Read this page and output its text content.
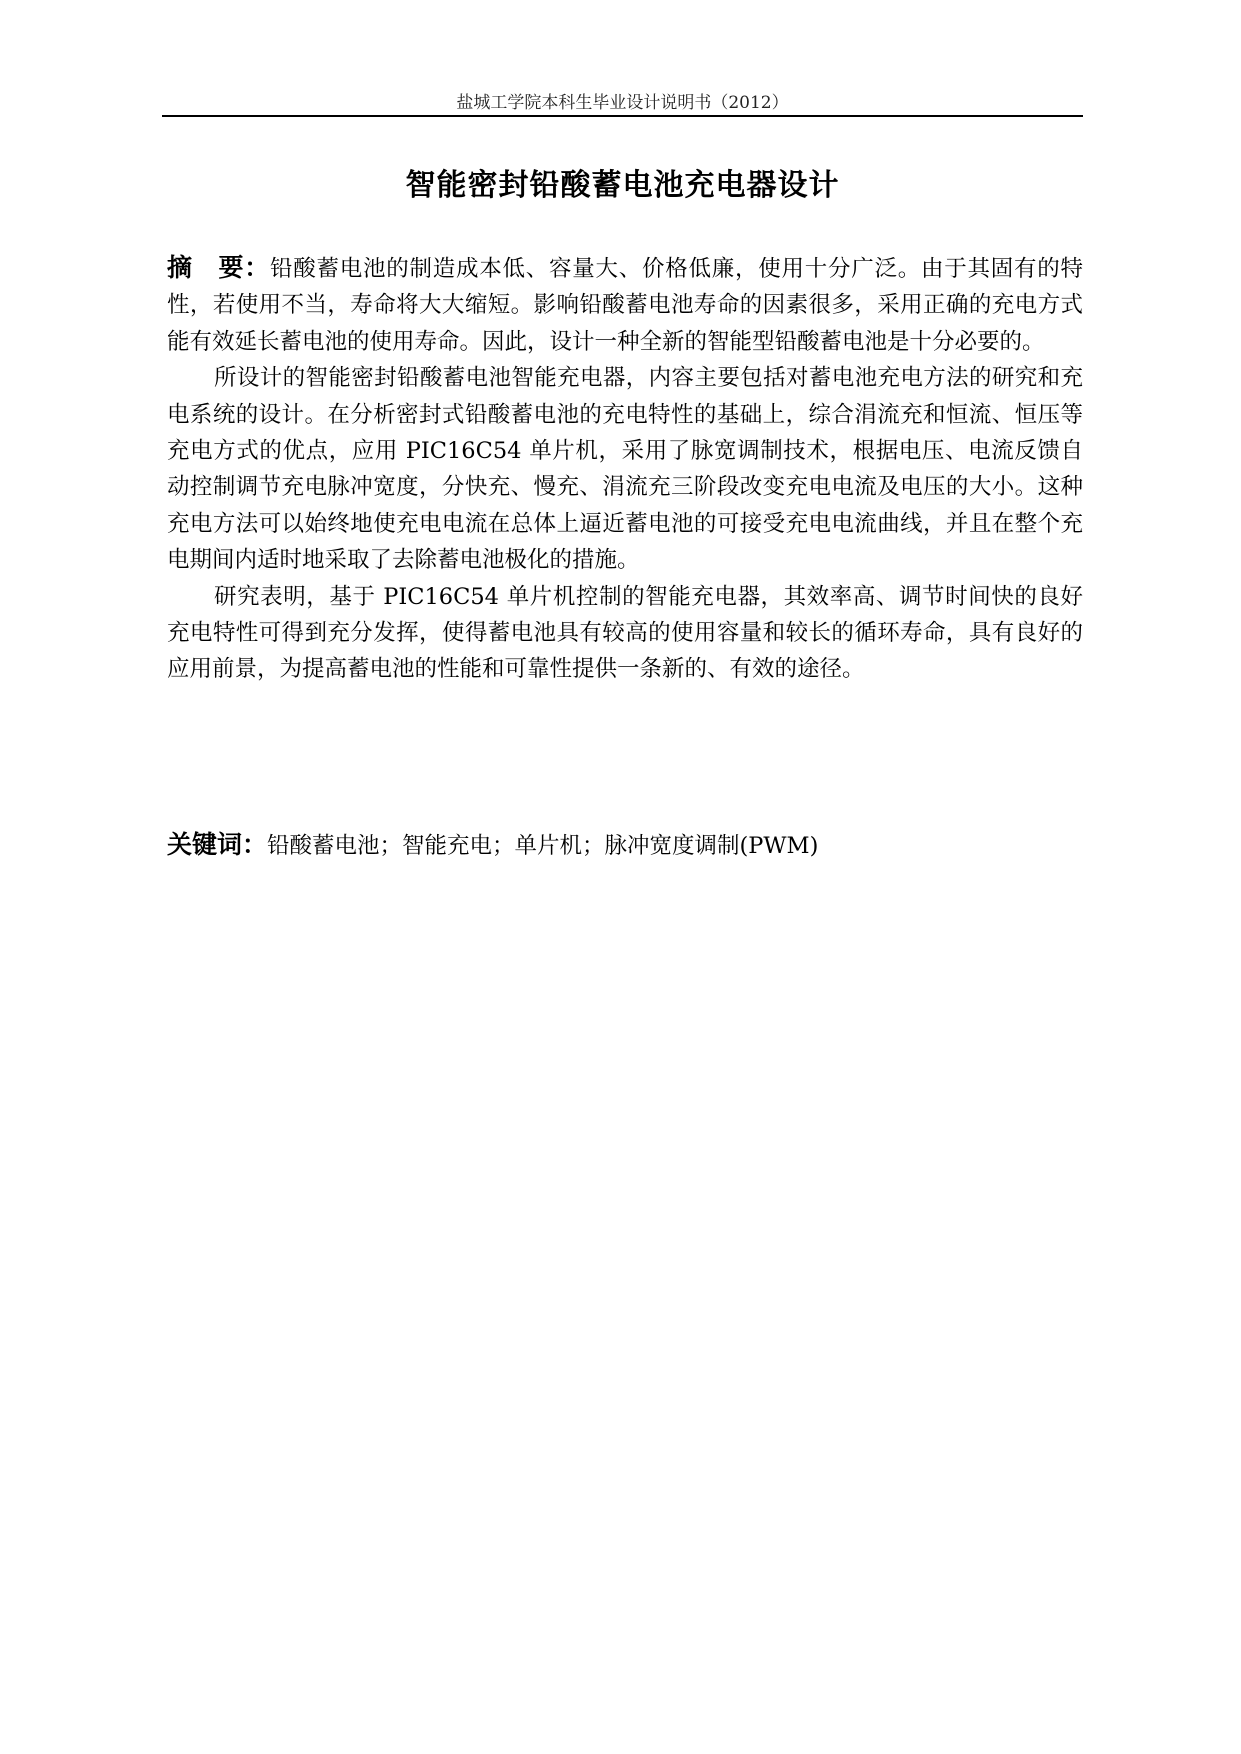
盐城工学院本科生毕业设计说明书（2012）
智能密封铅酸蓄电池充电器设计

摘　要：铅酸蓄电池的制造成本低、容量大、价格低廉，使用十分广泛。由于其固有的特性，若使用不当，寿命将大大缩短。影响铅酸蓄电池寿命的因素很多，采用正确的充电方式能有效延长蓄电池的使用寿命。因此，设计一种全新的智能型铅酸蓄电池是十分必要的。

所设计的智能密封铅酸蓄电池智能充电器，内容主要包括对蓄电池充电方法的研究和充电系统的设计。在分析密封式铅酸蓄电池的充电特性的基础上，综合涓流充和恒流、恒压等充电方式的优点，应用 PIC16C54 单片机，采用了脉宽调制技术，根据电压、电流反馈自动控制调节充电脉冲宽度，分快充、慢充、涓流充三阶段改变充电电流及电压的大小。这种充电方法可以始终地使充电电流在总体上逼近蓄电池的可接受充电电流曲线，并且在整个充电期间内适时地采取了去除蓄电池极化的措施。

研究表明，基于 PIC16C54 单片机控制的智能充电器，其效率高、调节时间快的良好充电特性可得到充分发挥，使得蓄电池具有较高的使用容量和较长的循环寿命，具有良好的应用前景，为提高蓄电池的性能和可靠性提供一条新的、有效的途径。

关键词：铅酸蓄电池；智能充电；单片机；脉冲宽度调制(PWM)
